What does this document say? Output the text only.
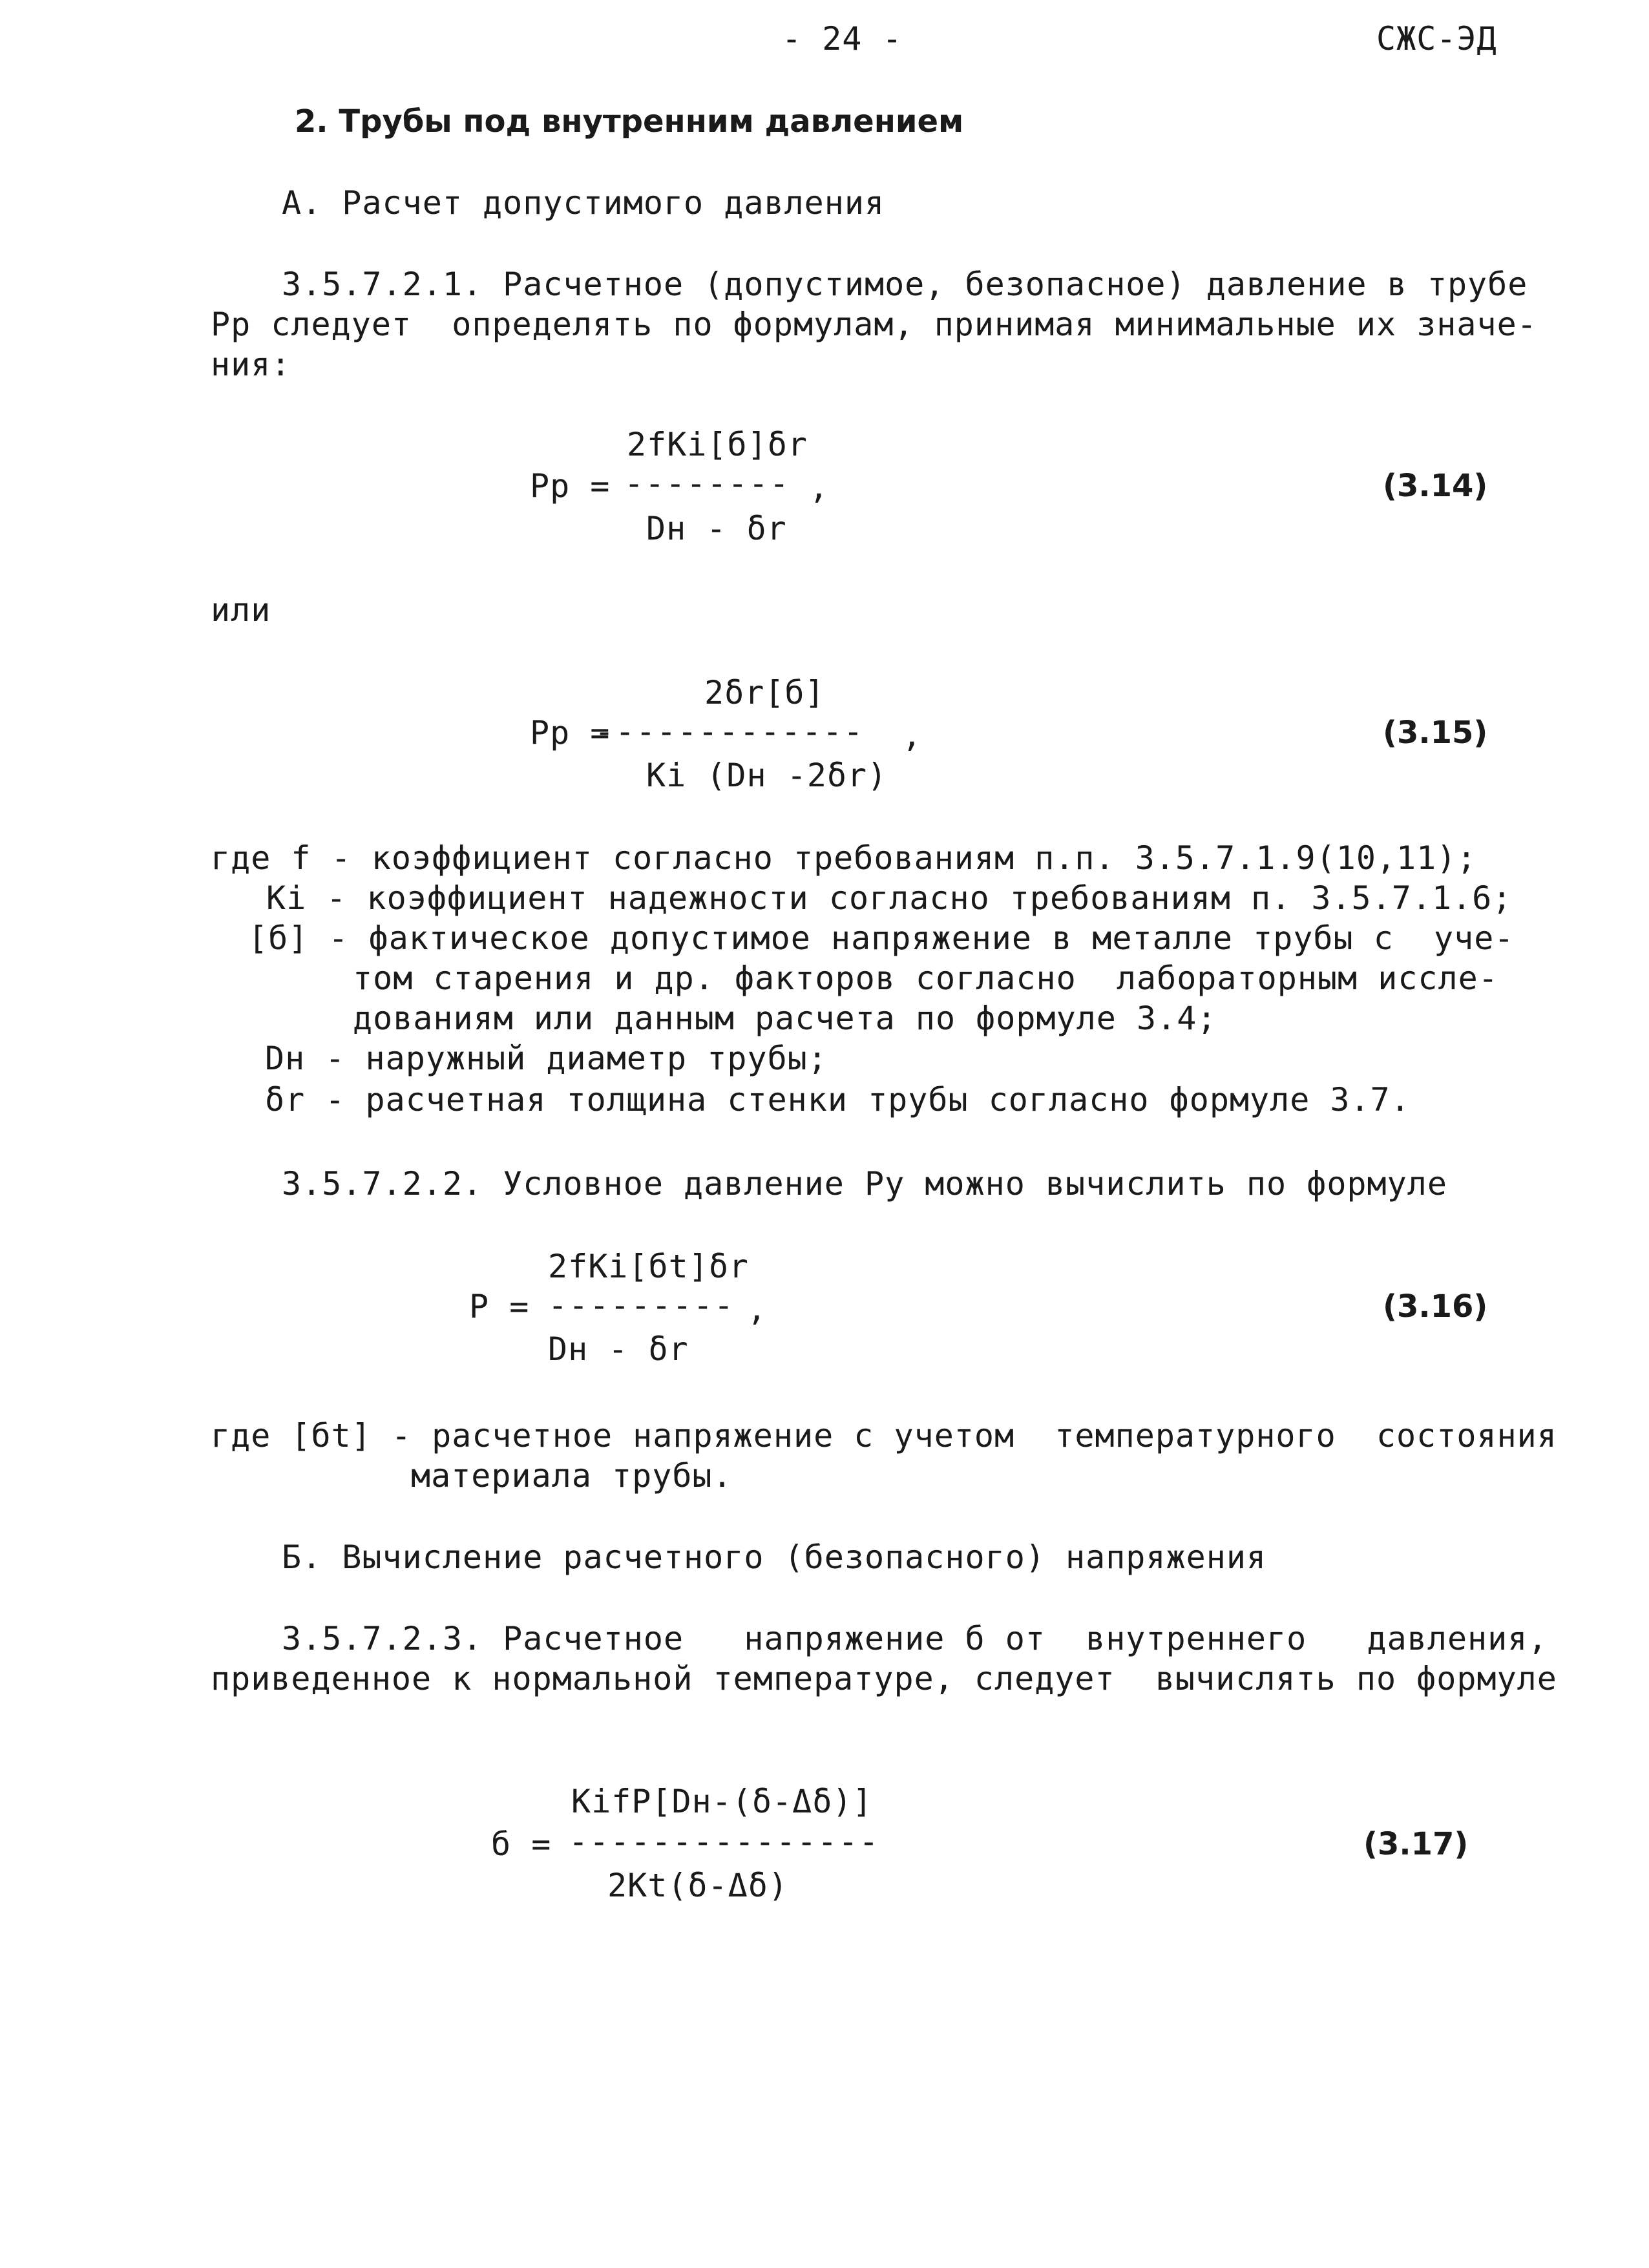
- 24 -	СЖС-ЭД
2. Трубы под внутренним давлением
А. Расчет допустимого давления
3.5.7.2.1. Расчетное (допустимое, безопасное) давление в трубе
Рр следует  определять по формулам, принимая минимальные их значе-
ния:
Рр =
2fKi[б]δr
-------- ,
Dн - δr
(3.14)
или
Рр =
2δr[б]
------------- ,
Ki (Dн -2δr)
(3.15)
где f - коэффициент согласно требованиям п.п. 3.5.7.1.9(10,11);
Ki - коэффициент надежности согласно требованиям п. 3.5.7.1.6;
[б] - фактическое допустимое напряжение в металле трубы с  уче-
том старения и др. факторов согласно  лабораторным иссле-
дованиям или данным расчета по формуле 3.4;
Dн - наружный диаметр трубы;
δr - расчетная толщина стенки трубы согласно формуле 3.7.
3.5.7.2.2. Условное давление Ру можно вычислить по формуле
P =
2fKi[бt]δr
--------- ,
Dн - δr
(3.16)
где [бt] - расчетное напряжение с учетом  температурного  состояния
материала трубы.
Б. Вычисление расчетного (безопасного) напряжения
3.5.7.2.3. Расчетное   напряжение б от  внутреннего   давления,
приведенное к нормальной температуре, следует  вычислять по формуле
б =
KifP[Dн-(δ-Δδ)]
---------------
2Kt(δ-Δδ)
(3.17)
